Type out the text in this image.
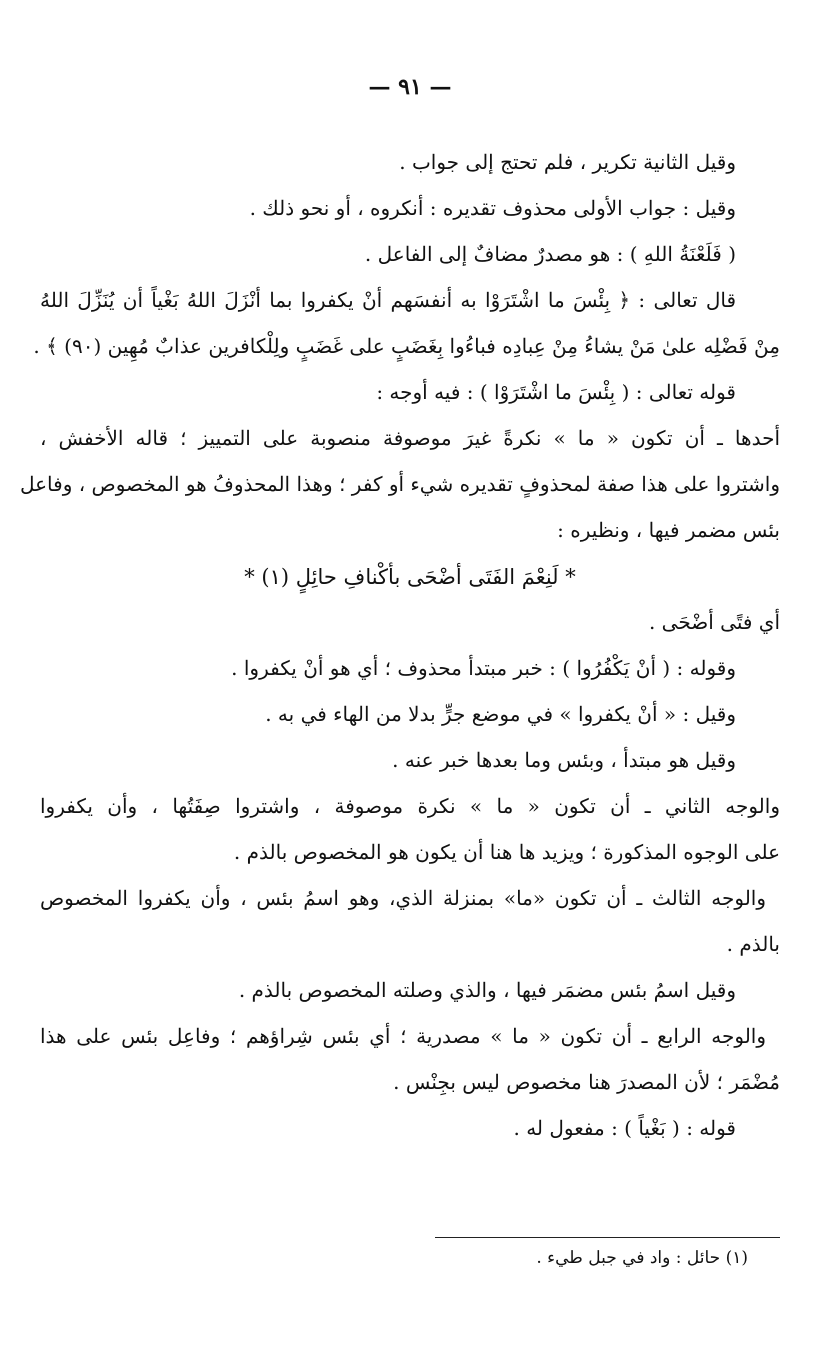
— ٩١ —
وقيل الثانية تكرير ، فلم تحتج إلى جواب .
وقيل : جواب الأولى محذوف تقديره : أنكروه ، أو نحو ذلك .
( فَلَعْنَةُ اللهِ ) : هو مصدرٌ مضافٌ إلى الفاعل .
قال تعالى : ﴿ بِئْسَ ما اشْتَرَوْا به أنفسَهم أنْ يكفروا بما أنْزَلَ اللهُ بَغْياً أن يُنَزِّلَ اللهُ
مِنْ فَضْلِه علىٰ مَنْ يشاءُ مِنْ عِبادِه فباءُوا بِغَضَبٍ على غَضَبٍ ولِلْكافرين عذابٌ مُهِين (٩٠) ﴾ .
قوله تعالى : ( بِئْسَ ما اشْتَرَوْا ) : فيه أوجه :
أحدها ـ أن تكون « ما » نكرةً غيرَ موصوفة منصوبة على التمييز ؛ قاله الأخفش ،
واشتروا على هذا صفة لمحذوفٍ تقديره شيء أو كفر ؛ وهذا المحذوفُ هو المخصوص ، وفاعل
بئس مضمر فيها ، ونظيره :
* لَنِعْمَ الفَتَى أضْحَى بأكْنافِ حائِلٍ (١) *
أي فتًى أضْحَى .
وقوله : ( أنْ يَكْفُرُوا ) : خبر مبتدأ محذوف ؛ أي هو أنْ يكفروا .
وقيل : « أنْ يكفروا » في موضع جرٍّ بدلا من الهاء في به .
وقيل هو مبتدأ ، وبئس وما بعدها خبر عنه .
والوجه الثاني ـ أن تكون « ما » نكرة موصوفة ، واشتروا صِفَتُها ، وأن يكفروا
على الوجوه المذكورة ؛ ويزيد ها هنا أن يكون هو المخصوص بالذم .
والوجه الثالث ـ أن تكون «ما» بمنزلة الذي، وهو اسمُ بئس ، وأن يكفروا المخصوص
بالذم .
وقيل اسمُ بئس مضمَر فيها ، والذي وصلته المخصوص بالذم .
والوجه الرابع ـ أن تكون « ما » مصدرية ؛ أي بئس شِراؤهم ؛ وفاعِل بئس على هذا
مُضْمَر ؛ لأن المصدرَ هنا مخصوص ليس بجِنْس .
قوله : ( بَغْياً ) : مفعول له .
(١) حائل : واد في جبل طيء .
